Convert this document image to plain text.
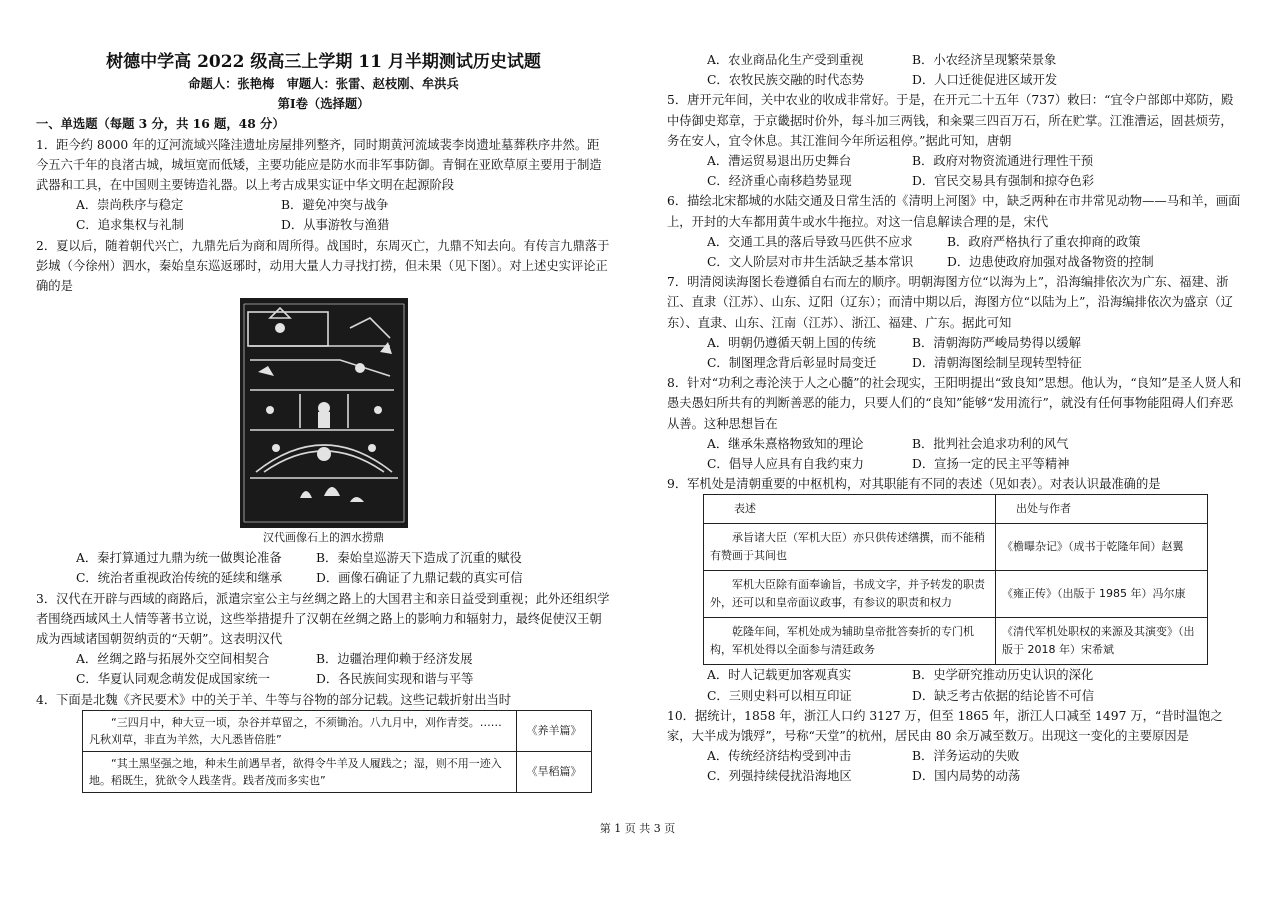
树德中学高 2022 级高三上学期 11 月半期测试历史试题
命题人：张艳梅　审题人：张雷、赵枝刚、牟洪兵
第Ⅰ卷（选择题）
一、单选题（每题 3 分，共 16 题，48 分）

1．距今约 8000 年的辽河流域兴隆洼遗址房屋排列整齐，同时期黄河流域裴李岗遗址墓葬秩序井然。距今五六千年的良渚古城，城垣宽而低矮，主要功能应是防水而非军事防御。青铜在亚欧草原主要用于制造武器和工具，在中国则主要铸造礼器。以上考古成果实证中华文明在起源阶段

A．崇尚秩序与稳定	B．避免冲突与战争
C．追求集权与礼制	D．从事游牧与渔猎

2．夏以后，随着朝代兴亡，九鼎先后为商和周所得。战国时，东周灭亡，九鼎不知去向。有传言九鼎落于彭城（今徐州）泗水，秦始皇东巡返琊时，动用大量人力寻找打捞，但未果（见下图）。对上述史实评论正确的是

汉代画像石上的泗水捞鼎
A．秦打算通过九鼎为统一做舆论准备	B．秦始皇巡游天下造成了沉重的赋役
C．统治者重视政治传统的延续和继承	D．画像石确证了九鼎记载的真实可信

3．汉代在开辟与西域的商路后，派遣宗室公主与丝绸之路上的大国君主和亲日益受到重视；此外还组织学者围绕西域风土人情等著书立说，这些举措提升了汉朝在丝绸之路上的影响力和辐射力，最终促使汉王朝成为西域诸国朝贺纳贡的“天朝”。这表明汉代

A．丝绸之路与拓展外交空间相契合	B．边疆治理仰赖于经济发展
C．华夏认同观念萌发促成国家统一	D．各民族间实现和谐与平等

4．下面是北魏《齐民要术》中的关于羊、牛等与谷物的部分记载。这些记载折射出当时

“三四月中，种大豆一顷，杂谷并草留之，不须锄治。八九月中，刈作青茭。……凡秋刈草，非直为羊然，大凡悉皆倍胜”	《养羊篇》
“其土黑坚强之地，种未生前遇旱者，欲得令牛羊及人履践之；湿，则不用一迹入地。稻既生，犹欲令人践垄背。践者茂而多实也”	《旱稻篇》
A．农业商品化生产受到重视	B．小农经济呈现繁荣景象
C．农牧民族交融的时代态势	D．人口迁徙促进区域开发

5．唐开元年间，关中农业的收成非常好。于是，在开元二十五年（737）敕曰：“宜令户部郎中郑防，殿中侍御史郑章，于京畿据时价外，每斗加三两钱，和籴粟三四百万石，所在贮掌。江淮漕运，固甚烦劳，务在安人，宜令休息。其江淮间今年所运租停。”据此可知，唐朝

A．漕运贸易退出历史舞台	B．政府对物资流通进行理性干预
C．经济重心南移趋势显现	D．官民交易具有强制和掠夺色彩

6．描绘北宋都城的水陆交通及日常生活的《清明上河图》中，缺乏两种在市井常见动物——马和羊，画面上，开封的大车都用黄牛或水牛拖拉。对这一信息解读合理的是，宋代

A．交通工具的落后导致马匹供不应求	B．政府严格执行了重农抑商的政策
C．文人阶层对市井生活缺乏基本常识	D．边患使政府加强对战备物资的控制

7．明清阅读海图长卷遵循自右而左的顺序。明朝海图方位“以海为上”，沿海编排依次为广东、福建、浙江、直隶（江苏）、山东、辽阳（辽东）；而清中期以后，海图方位“以陆为上”，沿海编排依次为盛京（辽东）、直隶、山东、江南（江苏）、浙江、福建、广东。据此可知

A．明朝仍遵循天朝上国的传统	B．清朝海防严峻局势得以缓解
C．制图理念背后彰显时局变迁	D．清朝海图绘制呈现转型特征

8．针对“功利之毒沦浃于人之心髓”的社会现实，王阳明提出“致良知”思想。他认为，“良知”是圣人贤人和愚夫愚妇所共有的判断善恶的能力，只要人们的“良知”能够“发用流行”，就没有任何事物能阻碍人们弃恶从善。这种思想旨在

A．继承朱熹格物致知的理论	B．批判社会追求功利的风气
C．倡导人应具有自我约束力	D．宣扬一定的民主平等精神

9．军机处是清朝重要的中枢机构，对其职能有不同的表述（见如表）。对表认识最准确的是

表述	出处与作者
承旨诸大臣（军机大臣）亦只供传述缮撰，而不能稍有赞画于其间也	《檐曝杂记》（成书于乾隆年间）赵翼
军机大臣除有面奉谕旨，书成文字，并予转发的职责外，还可以和皇帝面议政事，有参议的职责和权力	《雍正传》（出版于 1985 年）冯尔康
乾隆年间，军机处成为辅助皇帝批答奏折的专门机构，军机处得以全面参与清廷政务	《清代军机处职权的来源及其演变》（出版于 2018 年）宋希斌
A．时人记载更加客观真实	B．史学研究推动历史认识的深化
C．三则史料可以相互印证	D．缺乏考古依据的结论皆不可信

10．据统计，1858 年，浙江人口约 3127 万，但至 1865 年，浙江人口减至 1497 万，“昔时温饱之家，大半成为饿殍”，号称“天堂”的杭州，居民由 80 余万减至数万。出现这一变化的主要原因是

A．传统经济结构受到冲击	B．洋务运动的失败
C．列强持续侵扰沿海地区	D．国内局势的动荡
第 1 页 共 3 页
